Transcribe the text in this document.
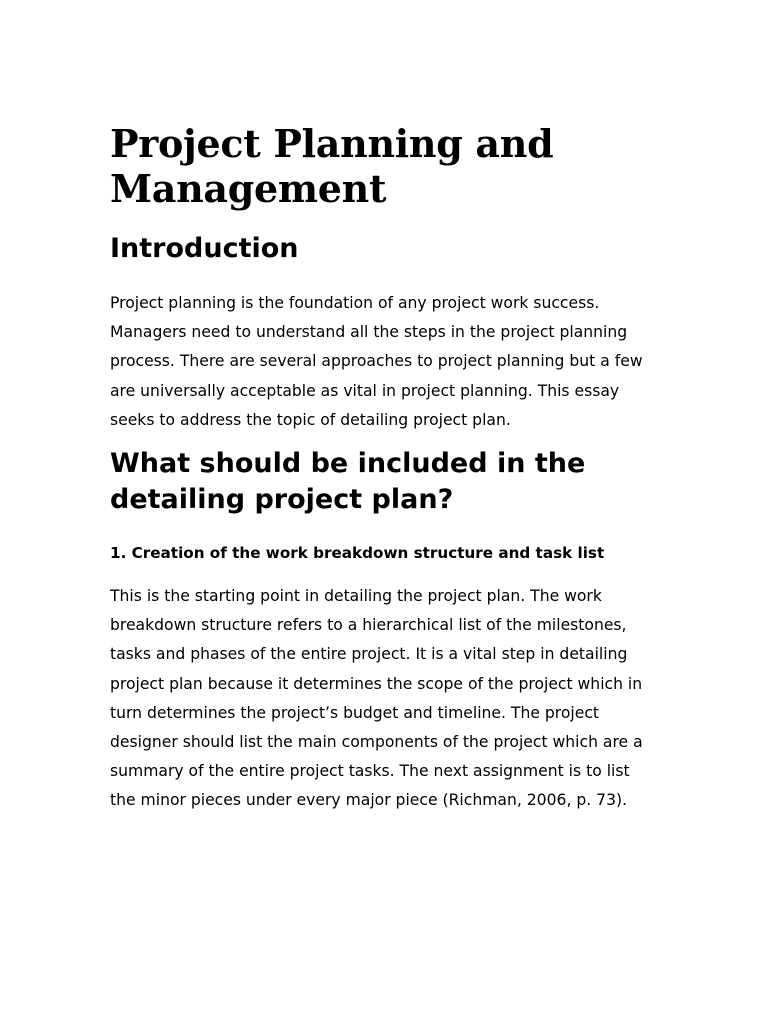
Project Planning and Management
Introduction

Project planning is the foundation of any project work success. Managers need to understand all the steps in the project planning process. There are several approaches to project planning but a few are universally acceptable as vital in project planning. This essay seeks to address the topic of detailing project plan.

What should be included in the detailing project plan?
1. Creation of the work breakdown structure and task list

This is the starting point in detailing the project plan. The work breakdown structure refers to a hierarchical list of the milestones, tasks and phases of the entire project. It is a vital step in detailing project plan because it determines the scope of the project which in turn determines the project’s budget and timeline. The project designer should list the main components of the project which are a summary of the entire project tasks. The next assignment is to list the minor pieces under every major piece (Richman, 2006, p. 73).
